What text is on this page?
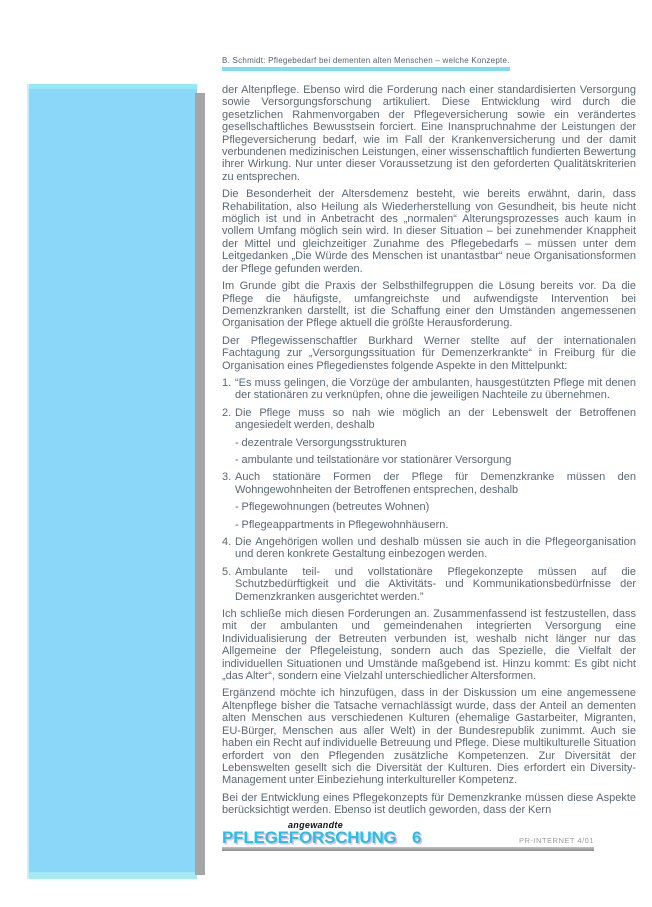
B. Schmidt: Pflegebedarf bei dementen alten Menschen – welche Konzepte.

der Altenpflege. Ebenso wird die Forderung nach einer standardisierten Versorgung sowie Versorgungsforschung artikuliert. Diese Entwicklung wird durch die gesetzlichen Rahmenvorgaben der Pflegeversicherung sowie ein verändertes gesellschaftliches Bewusstsein forciert. Eine Inanspruchnahme der Leistungen der Pflegeversicherung bedarf, wie im Fall der Krankenversicherung und der damit verbundenen medizinischen Leistungen, einer wissenschaftlich fundierten Bewertung ihrer Wirkung. Nur unter dieser Voraussetzung ist den geforderten Qualitätskriterien zu entsprechen.

Die Besonderheit der Altersdemenz besteht, wie bereits erwähnt, darin, dass Rehabilitation, also Heilung als Wiederherstellung von Gesundheit, bis heute nicht möglich ist und in Anbetracht des „normalen“ Alterungsprozesses auch kaum in vollem Umfang möglich sein wird. In dieser Situation – bei zunehmender Knappheit der Mittel und gleichzeitiger Zunahme des Pflegebedarfs – müssen unter dem Leitgedanken „Die Würde des Menschen ist unantastbar“ neue Organisationsformen der Pflege gefunden werden.

Im Grunde gibt die Praxis der Selbsthilfegruppen die Lösung bereits vor. Da die Pflege die häufigste, umfangreichste und aufwendigste Intervention bei Demenzkranken darstellt, ist die Schaffung einer den Umständen angemessenen Organisation der Pflege aktuell die größte Herausforderung.

Der Pflegewissenschaftler Burkhard Werner stellte auf der internationalen Fachtagung zur „Versorgungssituation für Demenzerkrankte“ in Freiburg für die Organisation eines Pflegedienstes folgende Aspekte in den Mittelpunkt:

1. “Es muss gelingen, die Vorzüge der ambulanten, hausgestützten Pflege mit denen der stationären zu verknüpfen, ohne die jeweiligen Nachteile zu übernehmen.
2. Die Pflege muss so nah wie möglich an der Lebenswelt der Betroffenen angesiedelt werden, deshalb
- dezentrale Versorgungsstrukturen
- ambulante und teilstationäre vor stationärer Versorgung
3. Auch stationäre Formen der Pflege für Demenzkranke müssen den Wohngewohnheiten der Betroffenen entsprechen, deshalb
- Pflegewohnungen (betreutes Wohnen)
- Pflegeappartments in Pflegewohnhäusern.
4. Die Angehörigen wollen und deshalb müssen sie auch in die Pflegeorganisation und deren konkrete Gestaltung einbezogen werden.
5. Ambulante teil- und vollstationäre Pflegekonzepte müssen auf die Schutzbedürftigkeit und die Aktivitäts- und Kommunikationsbedürfnisse der Demenzkranken ausgerichtet werden.”

Ich schließe mich diesen Forderungen an. Zusammenfassend ist festzustellen, dass mit der ambulanten und gemeindenahen integrierten Versorgung eine Individualisierung der Betreuten verbunden ist, weshalb nicht länger nur das Allgemeine der Pflegeleistung, sondern auch das Spezielle, die Vielfalt der individuellen Situationen und Umstände maßgebend ist. Hinzu kommt: Es gibt nicht „das Alter“, sondern eine Vielzahl unterschiedlicher Altersformen.

Ergänzend möchte ich hinzufügen, dass in der Diskussion um eine angemessene Altenpflege bisher die Tatsache vernachlässigt wurde, dass der Anteil an dementen alten Menschen aus verschiedenen Kulturen (ehemalige Gastarbeiter, Migranten, EU-Bürger, Menschen aus aller Welt) in der Bundesrepublik zunimmt. Auch sie haben ein Recht auf individuelle Betreuung und Pflege. Diese multikulturelle Situation erfordert von den Pflegenden zusätzliche Kompetenzen. Zur Diversität der Lebenswelten gesellt sich die Diversität der Kulturen. Dies erfordert ein Diversity-Management unter Einbeziehung interkultureller Kompetenz.

Bei der Entwicklung eines Pflegekonzepts für Demenzkranke müssen diese Aspekte berücksichtigt werden. Ebenso ist deutlich geworden, dass der Kern

angewandte
PFLEGEFORSCHUNG 6	PR-INTERNET 4/01
